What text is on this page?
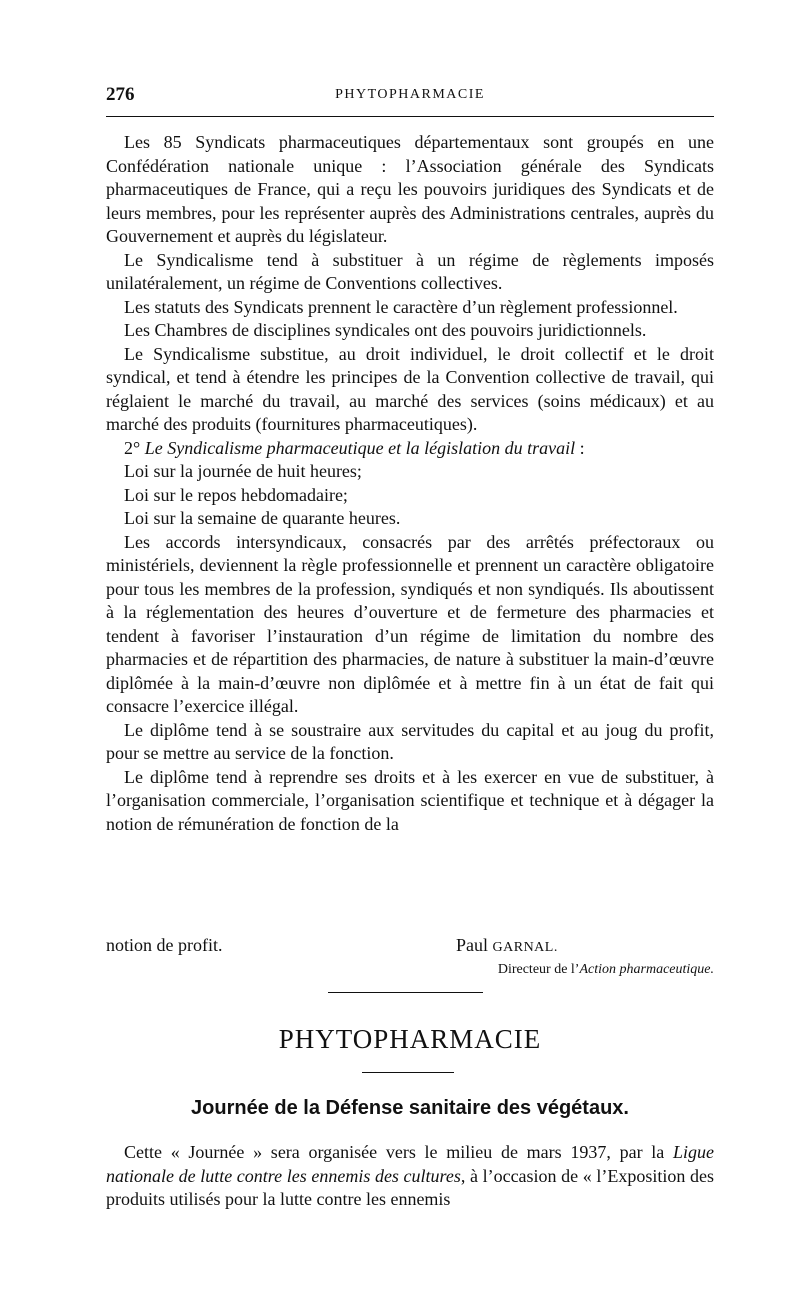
276	PHYTOPHARMACIE

Les 85 Syndicats pharmaceutiques départementaux sont groupés en une Confédération nationale unique : l’Association générale des Syndicats pharmaceutiques de France, qui a reçu les pouvoirs juridiques des Syndicats et de leurs membres, pour les représenter auprès des Administrations centrales, auprès du Gouvernement et auprès du législateur.

Le Syndicalisme tend à substituer à un régime de règlements imposés unilatéralement, un régime de Conventions collectives.

Les statuts des Syndicats prennent le caractère d’un règlement professionnel.

Les Chambres de disciplines syndicales ont des pouvoirs juridictionnels.

Le Syndicalisme substitue, au droit individuel, le droit collectif et le droit syndical, et tend à étendre les principes de la Convention collective de travail, qui réglaient le marché du travail, au marché des services (soins médicaux) et au marché des produits (fournitures pharmaceutiques).

2° Le Syndicalisme pharmaceutique et la législation du travail :

Loi sur la journée de huit heures;

Loi sur le repos hebdomadaire;

Loi sur la semaine de quarante heures.

Les accords intersyndicaux, consacrés par des arrêtés préfectoraux ou ministériels, deviennent la règle professionnelle et prennent un caractère obligatoire pour tous les membres de la profession, syndiqués et non syndiqués. Ils aboutissent à la réglementation des heures d’ouverture et de fermeture des pharmacies et tendent à favoriser l’instauration d’un régime de limitation du nombre des pharmacies et de répartition des pharmacies, de nature à substituer la main-d’œuvre diplômée à la main-d’œuvre non diplômée et à mettre fin à un état de fait qui consacre l’exercice illégal.

Le diplôme tend à se soustraire aux servitudes du capital et au joug du profit, pour se mettre au service de la fonction.

Le diplôme tend à reprendre ses droits et à les exercer en vue de substituer, à l’organisation commerciale, l’organisation scientifique et technique et à dégager la notion de rémunération de fonction de la

notion de profit.	Paul GARNAL.
Directeur de l’Action pharmaceutique.
PHYTOPHARMACIE
Journée de la Défense sanitaire des végétaux.

Cette « Journée » sera organisée vers le milieu de mars 1937, par la Ligue nationale de lutte contre les ennemis des cultures, à l’occasion de « l’Exposition des produits utilisés pour la lutte contre les ennemis
